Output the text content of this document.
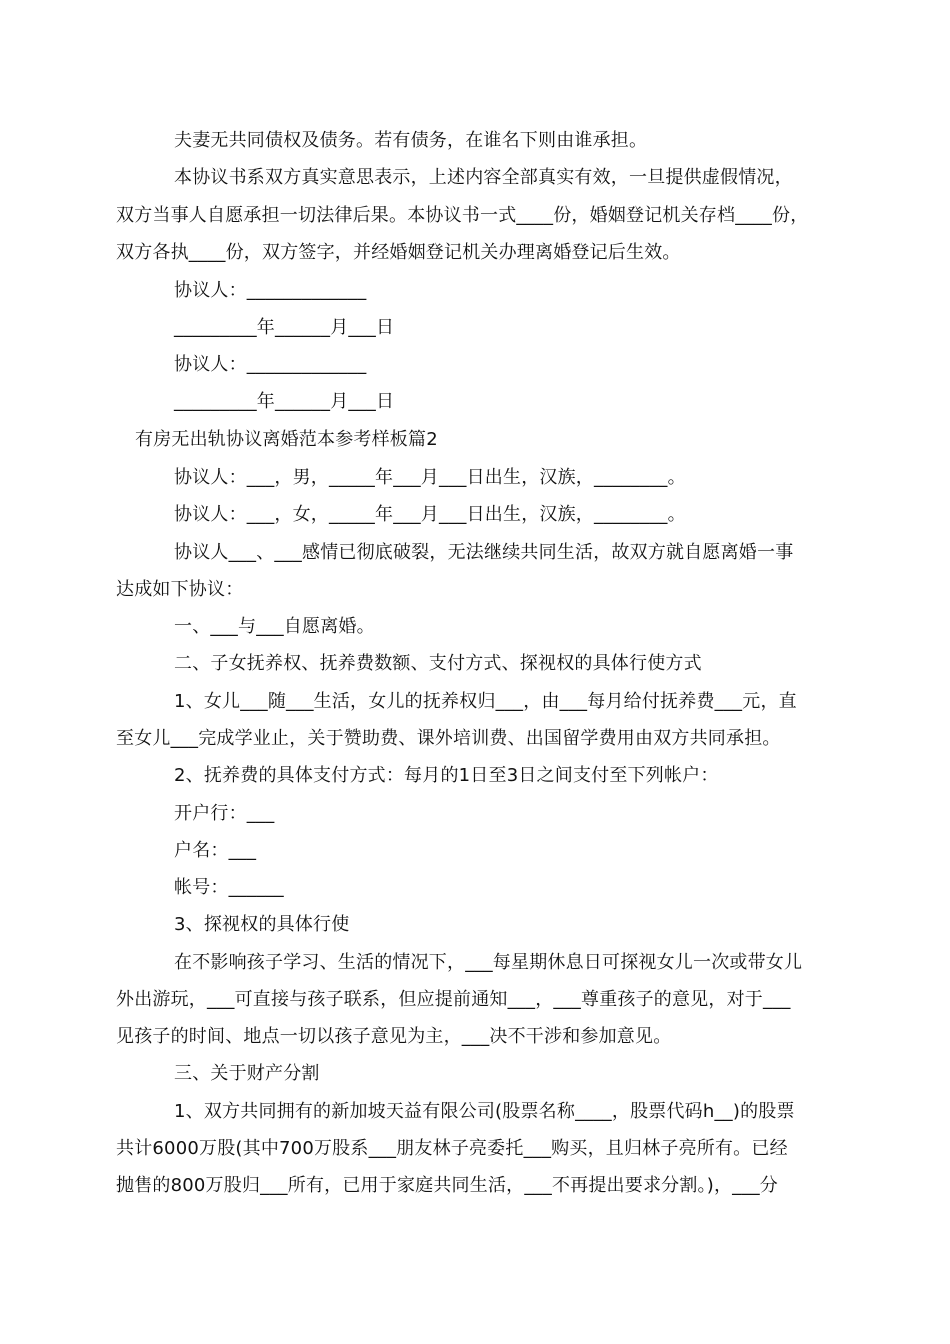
夫妻无共同债权及债务。若有债务，在谁名下则由谁承担。
本协议书系双方真实意思表示，上述内容全部真实有效，一旦提供虚假情况，
双方当事人自愿承担一切法律后果。本协议书一式____份，婚姻登记机关存档____份，
双方各执____份，双方签字，并经婚姻登记机关办理离婚登记后生效。
协议人：_____________
_________年______月___日
协议人：_____________
_________年______月___日
有房无出轨协议离婚范本参考样板篇2
协议人：___，男，_____年___月___日出生，汉族，________。
协议人：___，女，_____年___月___日出生，汉族，________。
协议人___、___感情已彻底破裂，无法继续共同生活，故双方就自愿离婚一事
达成如下协议：
一、___与___自愿离婚。
二、子女抚养权、抚养费数额、支付方式、探视权的具体行使方式
1、女儿___随___生活，女儿的抚养权归___，由___每月给付抚养费___元，直
至女儿___完成学业止，关于赞助费、课外培训费、出国留学费用由双方共同承担。
2、抚养费的具体支付方式：每月的1日至3日之间支付至下列帐户：
开户行：___
户名：___
帐号：______
3、探视权的具体行使
在不影响孩子学习、生活的情况下，___每星期休息日可探视女儿一次或带女儿
外出游玩，___可直接与孩子联系，但应提前通知___，___尊重孩子的意见，对于___
见孩子的时间、地点一切以孩子意见为主，___决不干涉和参加意见。
三、关于财产分割
1、双方共同拥有的新加坡天益有限公司(股票名称____，股票代码h__)的股票
共计6000万股(其中700万股系___朋友林子亮委托___购买，且归林子亮所有。已经
抛售的800万股归___所有，已用于家庭共同生活，___不再提出要求分割。)，___分
